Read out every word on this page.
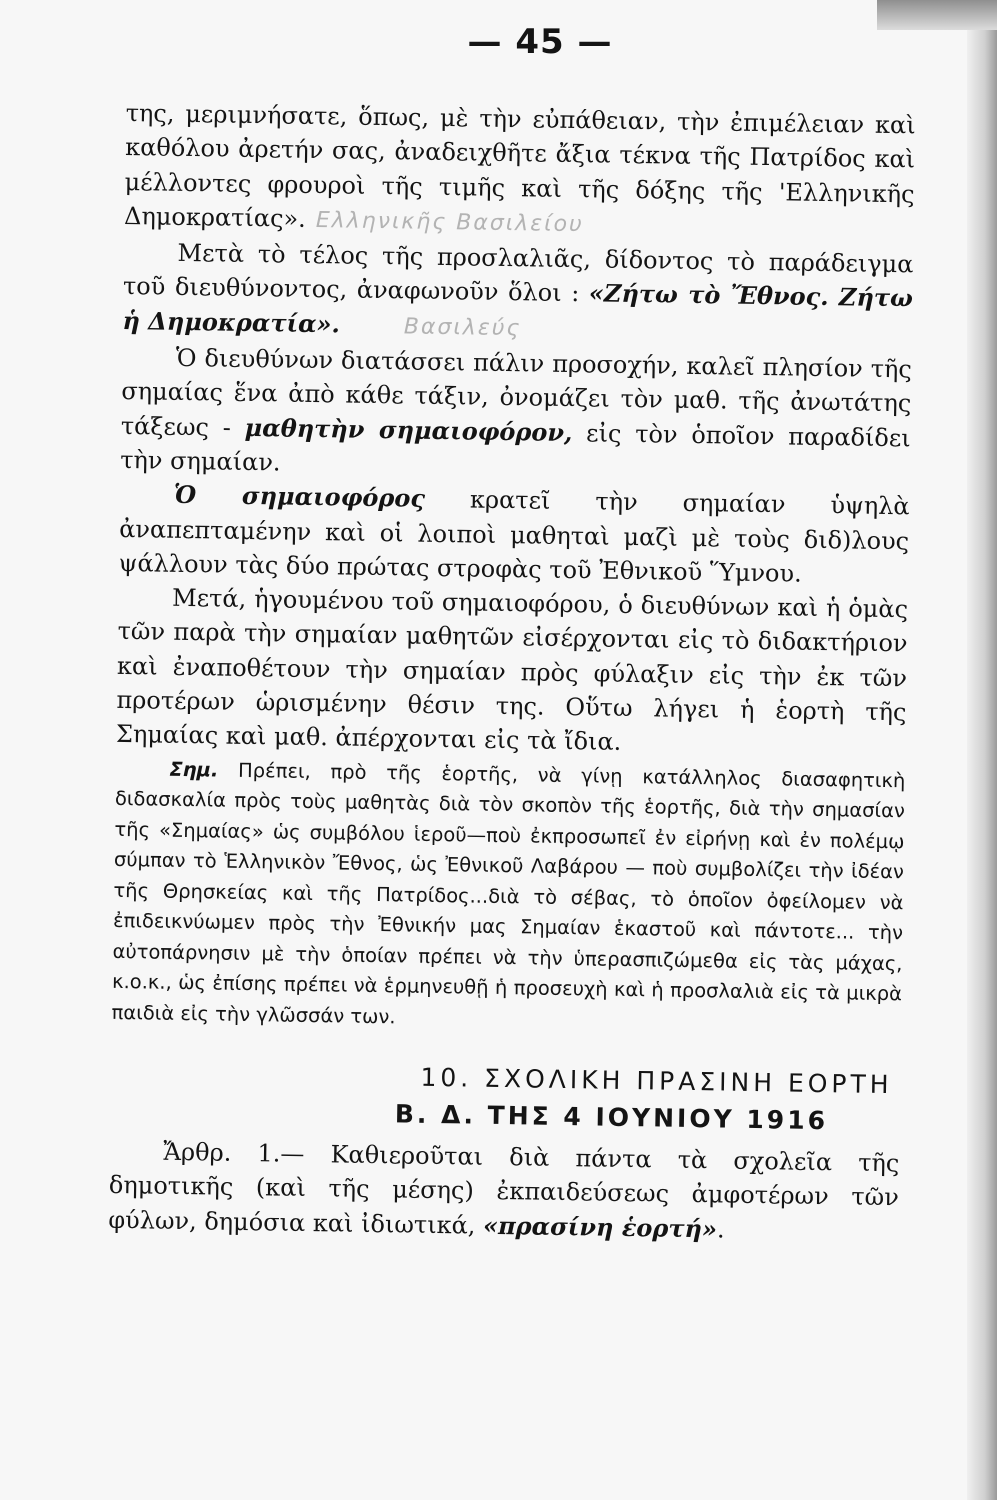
— 45 —

της, μεριμνήσατε, ὅπως, μὲ τὴν εὐπάθειαν, τὴν ἐπιμέλειαν καὶ καθόλου ἀρετήν σας, ἀναδειχθῆτε ἄξια τέκνα τῆς Πατρίδος καὶ μέλλοντες φρουροὶ τῆς τιμῆς καὶ τῆς δόξης τῆς 'Ελληνικῆς Δημοκρατίας». Ελληνικῆς Βασιλείου

Μετὰ τὸ τέλος τῆς προσλαλιᾶς, δίδοντος τὸ παράδειγμα τοῦ διευθύνοντος, ἀναφωνοῦν ὅλοι : «Ζήτω τὸ Ἔθνος. Ζήτω ἡ Δημοκρατία».	Βασιλεύς

Ὁ διευθύνων διατάσσει πάλιν προσοχήν, καλεῖ πλησίον τῆς σημαίας ἕνα ἀπὸ κάθε τάξιν, ὀνομάζει τὸν μαθ. τῆς ἀνωτάτης τάξεως - μαθητὴν σημαιοφόρον, εἰς τὸν ὁποῖον παραδίδει τὴν σημαίαν.

Ὁ σημαιοφόρος κρατεῖ τὴν σημαίαν ὑψηλὰ ἀναπεπταμένην καὶ οἱ λοιποὶ μαθηταὶ μαζὶ μὲ τοὺς διδ)λους ψάλλουν τὰς δύο πρώτας στροφὰς τοῦ Ἐθνικοῦ Ὕμνου.

Μετά, ἡγουμένου τοῦ σημαιοφόρου, ὁ διευθύνων καὶ ἡ ὁμὰς τῶν παρὰ τὴν σημαίαν μαθητῶν εἰσέρχονται εἰς τὸ διδακτήριον καὶ ἐναποθέτουν τὴν σημαίαν πρὸς φύλαξιν εἰς τὴν ἐκ τῶν προτέρων ὡρισμένην θέσιν της. Οὕτω λήγει ἡ ἑορτὴ τῆς Σημαίας καὶ μαθ. ἀπέρχονται εἰς τὰ ἴδια.

Σημ. Πρέπει, πρὸ τῆς ἑορτῆς, νὰ γίνῃ κατάλληλος διασαφητικὴ διδασκαλία πρὸς τοὺς μαθητὰς διὰ τὸν σκοπὸν τῆς ἑορτῆς, διὰ τὴν σημασίαν τῆς «Σημαίας» ὡς συμβόλου ἱεροῦ—ποὺ ἐκπροσωπεῖ ἐν εἰρήνῃ καὶ ἐν πολέμῳ σύμπαν τὸ Ἑλληνικὸν Ἔθνος, ὡς Ἐθνικοῦ Λαβάρου — ποὺ συμβολίζει τὴν ἰδέαν τῆς Θρησκείας καὶ τῆς Πατρίδος...διὰ τὸ σέβας, τὸ ὁποῖον ὀφείλομεν νὰ ἐπιδεικνύωμεν πρὸς τὴν Ἐθνικήν μας Σημαίαν ἑκαστοῦ καὶ πάντοτε... τὴν αὐτοπάρνησιν μὲ τὴν ὁποίαν πρέπει νὰ τὴν ὑπερασπιζώμεθα εἰς τὰς μάχας, κ.ο.κ., ὡς ἐπίσης πρέπει νὰ ἑρμηνευθῇ ἡ προσευχὴ καὶ ἡ προσλαλιὰ εἰς τὰ μικρὰ παιδιὰ εἰς τὴν γλῶσσάν των.

10. ΣΧΟΛΙΚΗ ΠΡΑΣΙΝΗ ΕΟΡΤΗ
Β. Δ. ΤΗΣ 4 ΙΟΥΝΙΟΥ 1916

Ἄρθρ. 1.— Καθιεροῦται διὰ πάντα τὰ σχολεῖα τῆς δημοτικῆς (καὶ τῆς μέσης) ἐκπαιδεύσεως ἀμφοτέρων τῶν φύλων, δημόσια καὶ ἰδιωτικά, «πρασίνη ἑορτή».
